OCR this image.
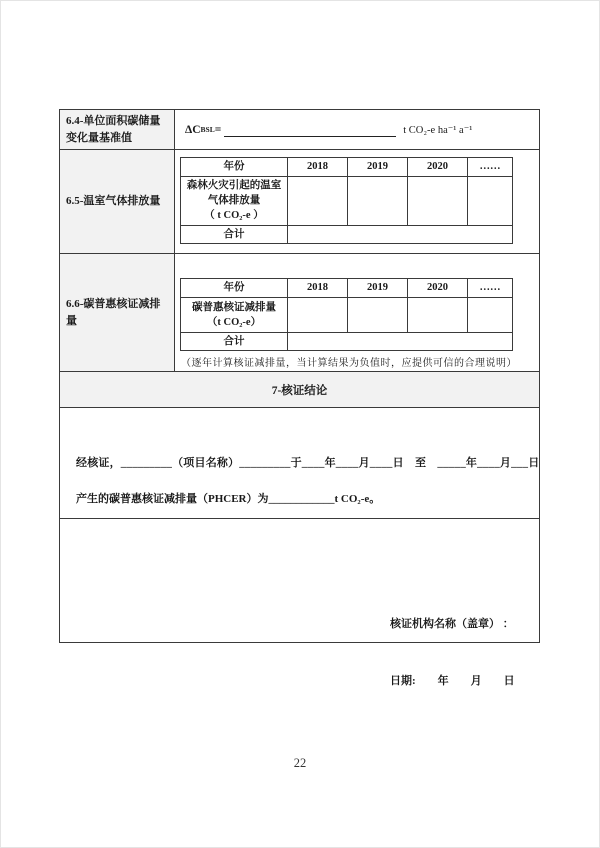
6.4-单位面积碳储量变化量基准值
ΔC BSL =	t CO₂-e ha⁻¹ a⁻¹
6.5-温室气体排放量
年份	2018	2019	2020	……

森林火灾引起的温室气体排放量
（ t CO₂-e ）				

合计				
6.6-碳普惠核证减排量
年份	2018	2019	2020	……

碳普惠核证减排量
（t CO₂-e）				

合计				
（逐年计算核证减排量，当计算结果为负值时，应提供可信的合理说明）
7-核证结论
经核证，_________（项目名称）_________于____年____月____日　至　_____年____月___日
产生的碳普惠核证减排量（PHCER）为____________t CO₂-e。

核证机构名称（盖章） ：

日期:　　年　　月　　日

22
